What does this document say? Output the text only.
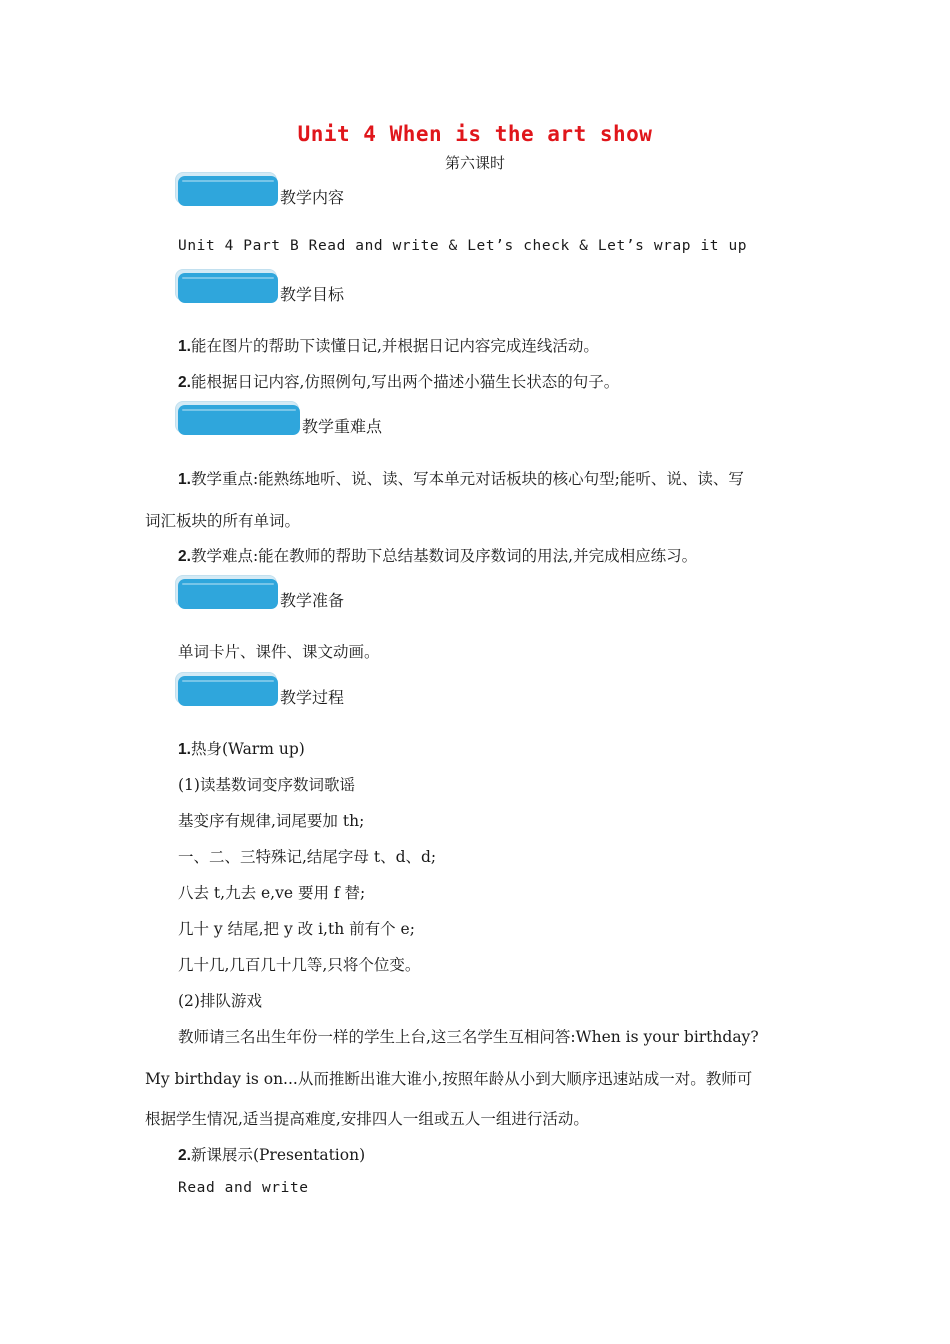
Unit 4 When is the art show
第六课时
教学内容
Unit 4 Part B Read and write & Let’s check & Let’s wrap it up
教学目标
1.能在图片的帮助下读懂日记,并根据日记内容完成连线活动。
2.能根据日记内容,仿照例句,写出两个描述小猫生长状态的句子。
教学重难点
1.教学重点:能熟练地听、说、读、写本单元对话板块的核心句型;能听、说、读、写
词汇板块的所有单词。
2.教学难点:能在教师的帮助下总结基数词及序数词的用法,并完成相应练习。
教学准备
单词卡片、课件、课文动画。
教学过程
1.热身(Warm up)
(1)读基数词变序数词歌谣
基变序有规律,词尾要加 th;
一、二、三特殊记,结尾字母 t、d、d;
八去 t,九去 e,ve 要用 f 替;
几十 y 结尾,把 y 改 i,th 前有个 e;
几十几,几百几十几等,只将个位变。
(2)排队游戏
教师请三名出生年份一样的学生上台,这三名学生互相问答:When is your birthday?
My birthday is on...从而推断出谁大谁小,按照年龄从小到大顺序迅速站成一对。教师可
根据学生情况,适当提高难度,安排四人一组或五人一组进行活动。
2.新课展示(Presentation)
Read and write
